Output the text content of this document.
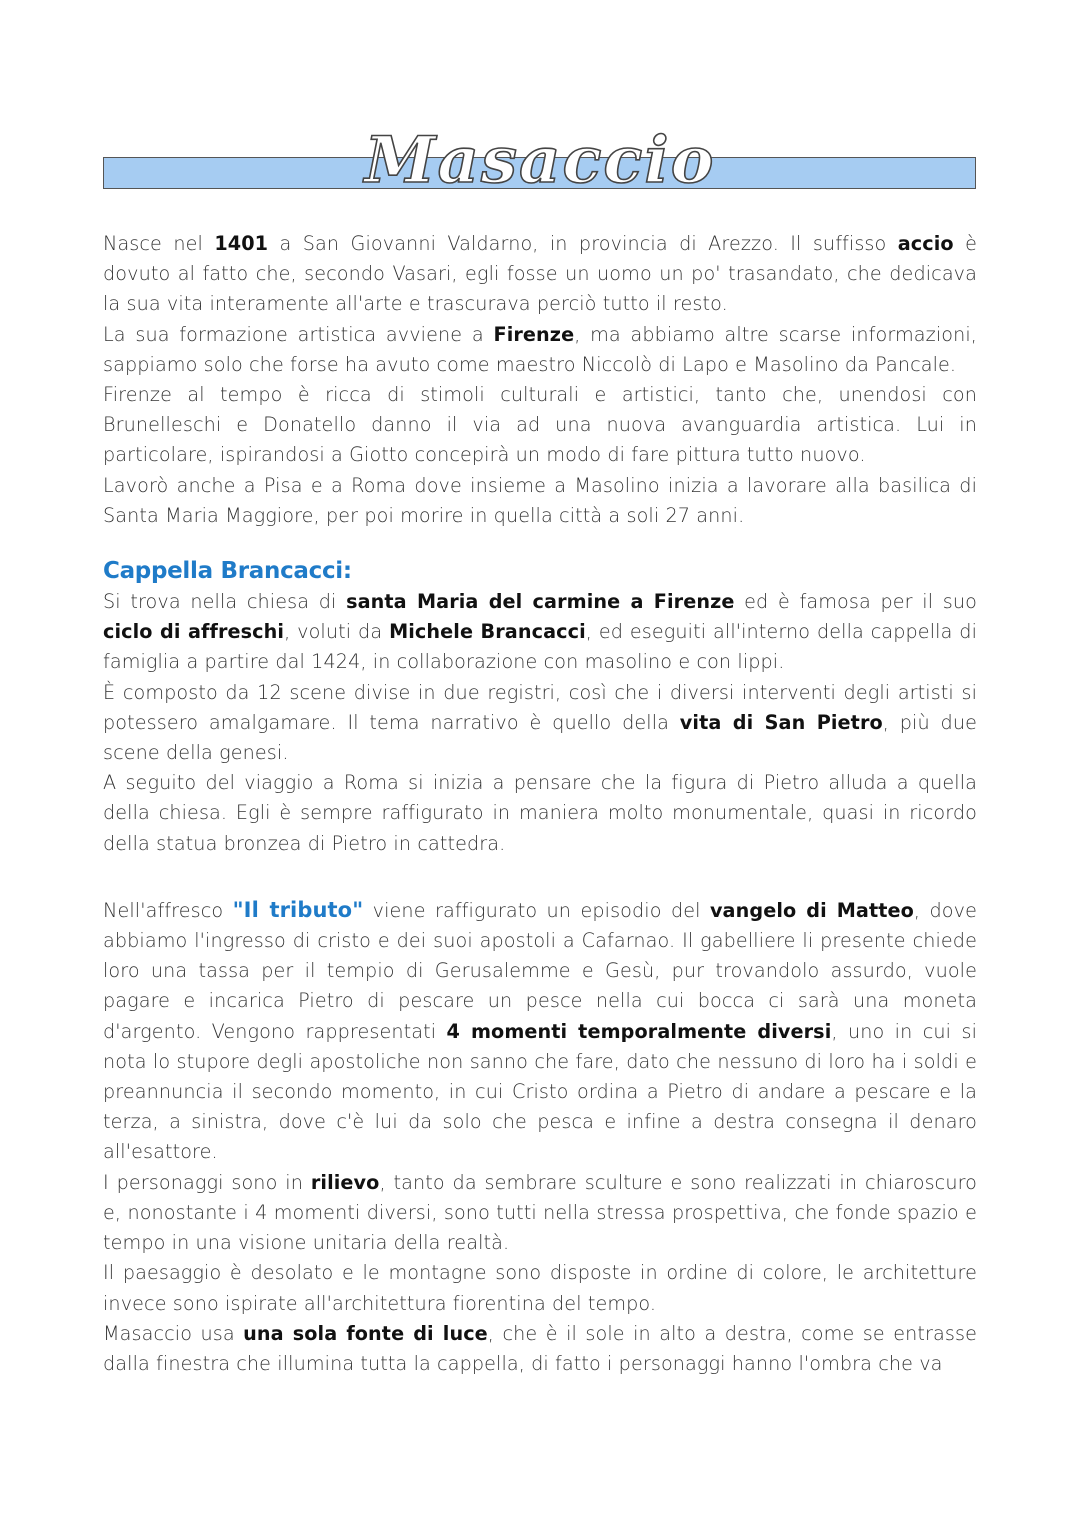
Masaccio

Nasce nel 1401 a San Giovanni Valdarno, in provincia di Arezzo. Il suffisso accio è dovuto al fatto che, secondo Vasari, egli fosse un uomo un po' trasandato, che dedicava la sua vita interamente all'arte e trascurava perciò tutto il resto.

La sua formazione artistica avviene a Firenze, ma abbiamo altre scarse informazioni, sappiamo solo che forse ha avuto come maestro Niccolò di Lapo e Masolino da Pancale.

Firenze al tempo è ricca di stimoli culturali e artistici, tanto che, unendosi con Brunelleschi e Donatello danno il via ad una nuova avanguardia artistica. Lui in particolare, ispirandosi a Giotto concepirà un modo di fare pittura tutto nuovo.

Lavorò anche a Pisa e a Roma dove insieme a Masolino inizia a lavorare alla basilica di Santa Maria Maggiore, per poi morire in quella città a soli 27 anni.

Cappella Brancacci:

Si trova nella chiesa di santa Maria del carmine a Firenze ed è famosa per il suo ciclo di affreschi, voluti da Michele Brancacci, ed eseguiti all'interno della cappella di famiglia a partire dal 1424, in collaborazione con masolino e con lippi.

È composto da 12 scene divise in due registri, così che i diversi interventi degli artisti si potessero amalgamare. Il tema narrativo è quello della vita di San Pietro, più due scene della genesi.

A seguito del viaggio a Roma si inizia a pensare che la figura di Pietro alluda a quella della chiesa. Egli è sempre raffigurato in maniera molto monumentale, quasi in ricordo della statua bronzea di Pietro in cattedra.

Nell'affresco "Il tributo" viene raffigurato un episodio del vangelo di Matteo, dove abbiamo l'ingresso di cristo e dei suoi apostoli a Cafarnao. Il gabelliere li presente chiede loro una tassa per il tempio di Gerusalemme e Gesù, pur trovandolo assurdo, vuole pagare e incarica Pietro di pescare un pesce nella cui bocca ci sarà una moneta d'argento. Vengono rappresentati 4 momenti temporalmente diversi, uno in cui si nota lo stupore degli apostoliche non sanno che fare, dato che nessuno di loro ha i soldi e preannuncia il secondo momento, in cui Cristo ordina a Pietro di andare a pescare e la terza, a sinistra, dove c'è lui da solo che pesca e infine a destra consegna il denaro all'esattore.

I personaggi sono in rilievo, tanto da sembrare sculture e sono realizzati in chiaroscuro e, nonostante i 4 momenti diversi, sono tutti nella stressa prospettiva, che fonde spazio e tempo in una visione unitaria della realtà.

Il paesaggio è desolato e le montagne sono disposte in ordine di colore, le architetture invece sono ispirate all'architettura fiorentina del tempo.

Masaccio usa una sola fonte di luce, che è il sole in alto a destra, come se entrasse dalla finestra che illumina tutta la cappella, di fatto i personaggi hanno l'ombra che va
